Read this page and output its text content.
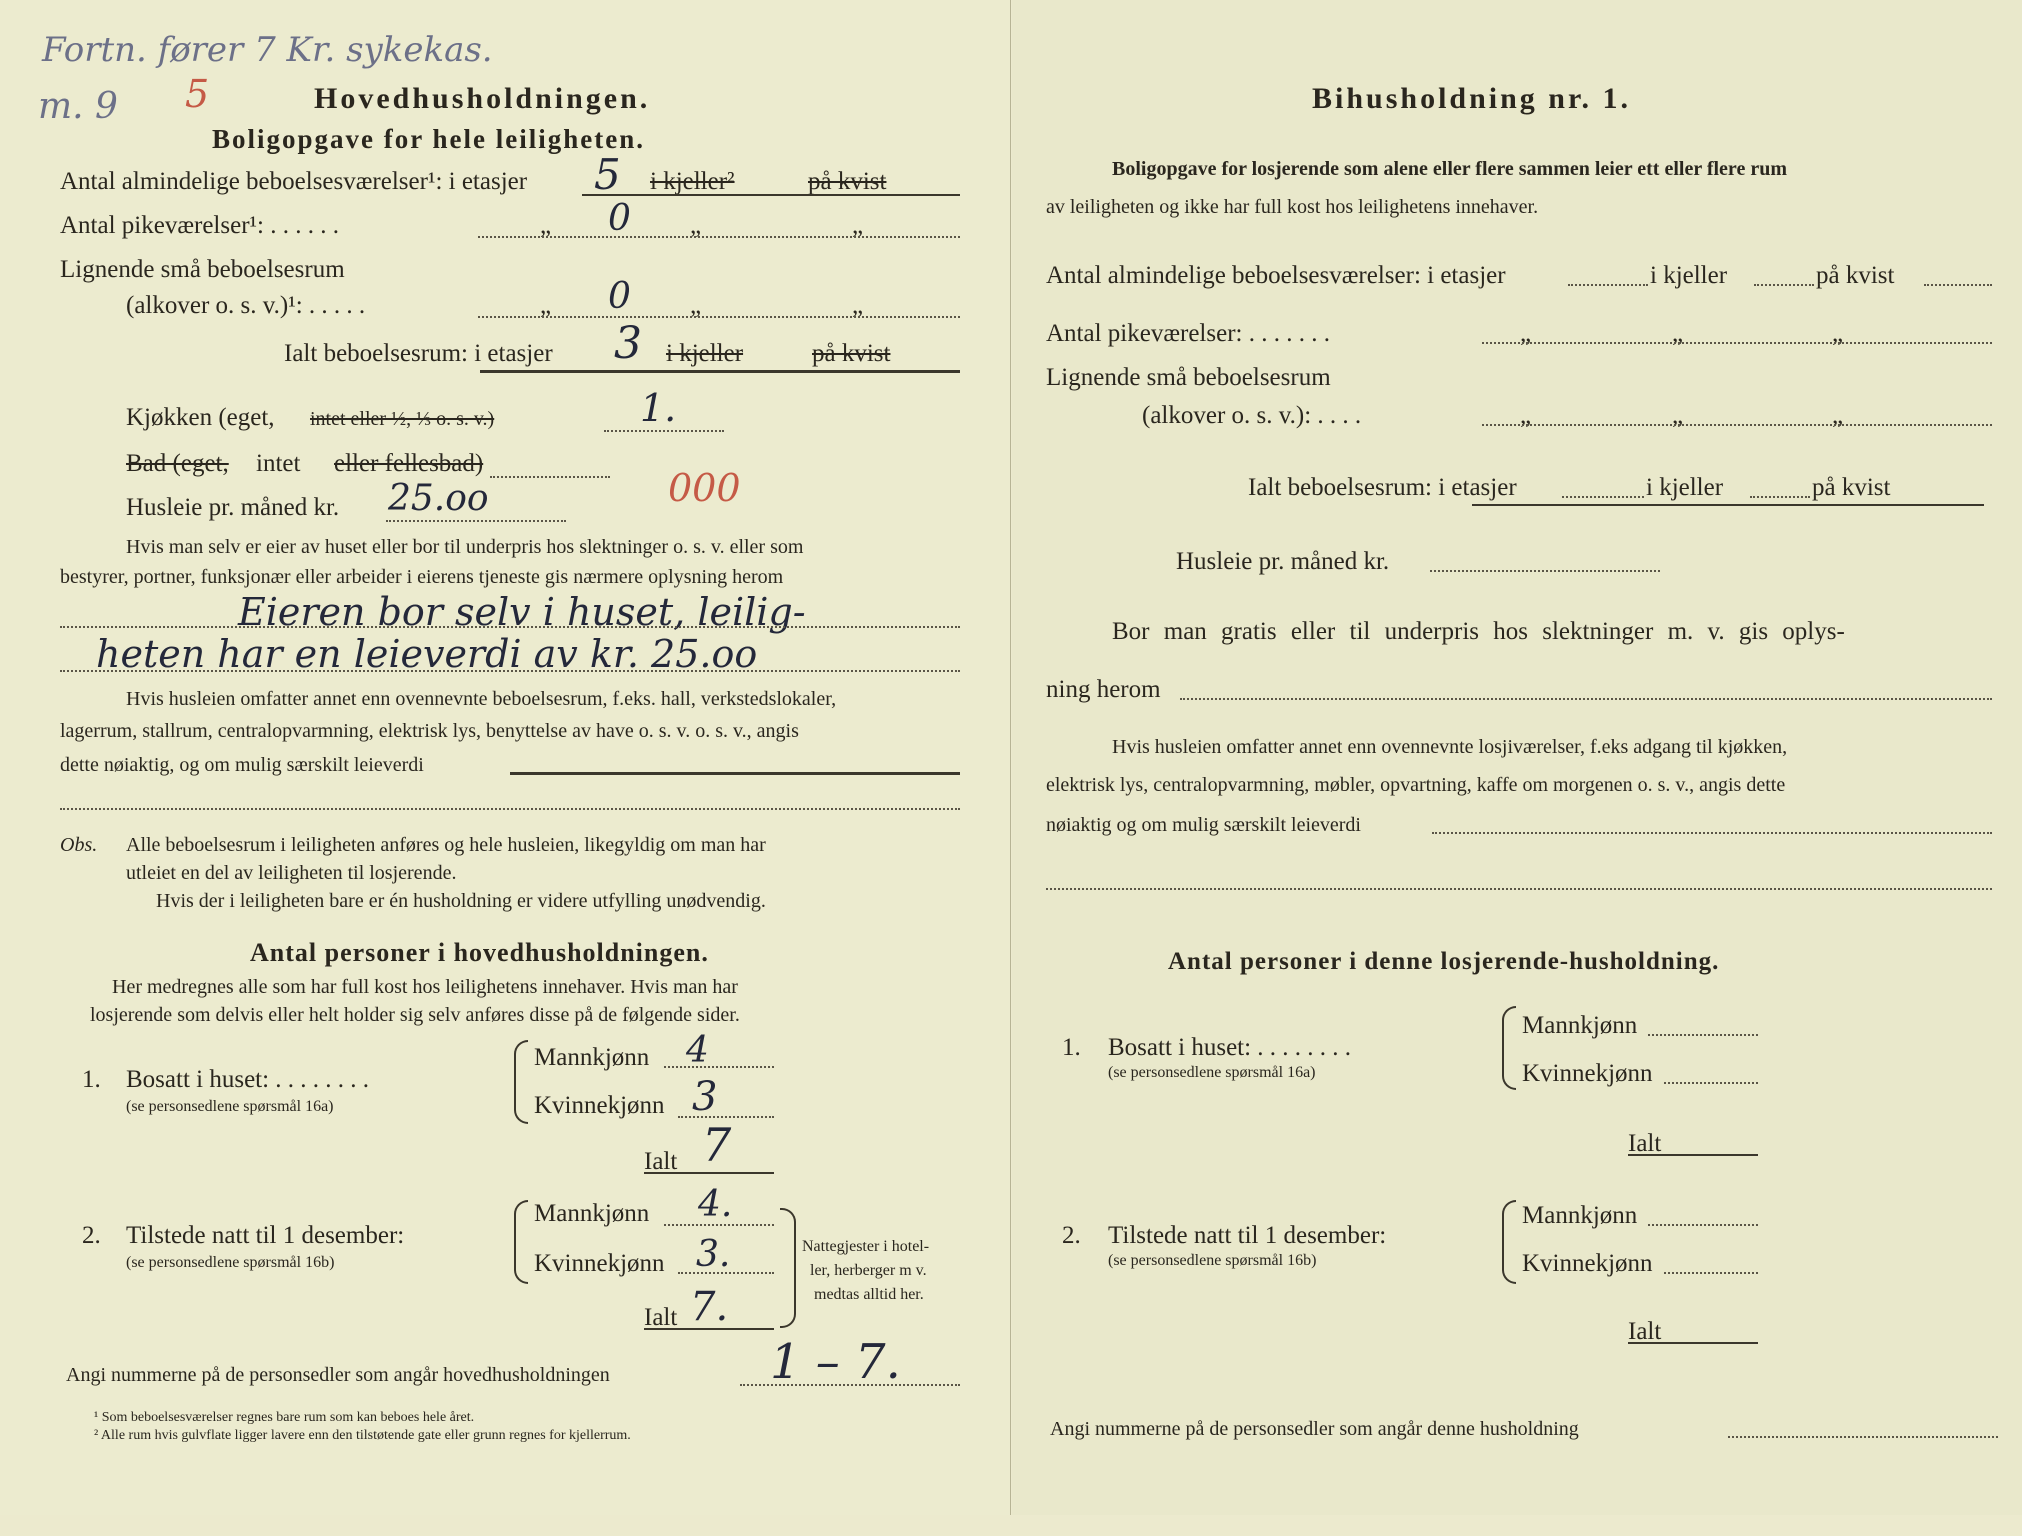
Fortn. fører 7 Kr. sykekas.
m. 9 5	Hovedhusholdningen.
Boligopgave for hele leiligheten.
Antal almindelige beboelsesværelser¹: i etasjer 5 i kjeller²	på kvist
Antal pikeværelser¹: . . . . . .	„ 0 „	„
Lignende små beboelsesrum
(alkover o. s. v.)¹: . . . . .	„ 0 „	„
Ialt beboelsesrum: i etasjer 3 i kjeller	på kvist
Kjøkken (eget, intet eller ½, ⅓ o. s. v.)	1.
Bad (eget, intet eller fellesbad)
Husleie pr. måned kr. 25.oo	000
Hvis man selv er eier av huset eller bor til underpris hos slektninger o. s. v. eller som
bestyrer, portner, funksjonær eller arbeider i eierens tjeneste gis nærmere oplysning herom
Eieren bor selv i huset, leilig-
heten har en leieverdi av kr. 25.oo
Hvis husleien omfatter annet enn ovennevnte beboelsesrum, f.eks. hall, verkstedslokaler,
lagerrum, stallrum, centralopvarmning, elektrisk lys, benyttelse av have o. s. v. o. s. v., angis
dette nøiaktig, og om mulig særskilt leieverdi
Obs. Alle beboelsesrum i leiligheten anføres og hele husleien, likegyldig om man har
utleiet en del av leiligheten til losjerende.
Hvis der i leiligheten bare er én husholdning er videre utfylling unødvendig.
Antal personer i hovedhusholdningen.
Her medregnes alle som har full kost hos leilighetens innehaver. Hvis man har
losjerende som delvis eller helt holder sig selv anføres disse på de følgende sider.
1. Bosatt i huset: . . . . . . . .
(se personsedlene spørsmål 16a)
Mannkjønn 4
Kvinnekjønn 3
Ialt 7
2. Tilstede natt til 1 desember:
(se personsedlene spørsmål 16b)
Mannkjønn 4.
Kvinnekjønn 3.
Ialt 7.
Nattegjester i hotel-
ler, herberger m v.
medtas alltid her.
Angi nummerne på de personsedler som angår hovedhusholdningen	1 – 7.
¹ Som beboelsesværelser regnes bare rum som kan beboes hele året.
² Alle rum hvis gulvflate ligger lavere enn den tilstøtende gate eller grunn regnes for kjellerrum.
Bihusholdning nr. 1.
Boligopgave for losjerende som alene eller flere sammen leier ett eller flere rum
av leiligheten og ikke har full kost hos leilighetens innehaver.
Antal almindelige beboelsesværelser: i etasjer	i kjeller	på kvist
Antal pikeværelser: . . . . . . .	„	„	„
Lignende små beboelsesrum
(alkover o. s. v.): . . . .	„	„	„
Ialt beboelsesrum: i etasjer	i kjeller	på kvist
Husleie pr. måned kr.
Bor man gratis eller til underpris hos slektninger m. v. gis oplys-
ning herom
Hvis husleien omfatter annet enn ovennevnte losjiværelser, f.eks adgang til kjøkken,
elektrisk lys, centralopvarmning, møbler, opvartning, kaffe om morgenen o. s. v., angis dette
nøiaktig og om mulig særskilt leieverdi
Antal personer i denne losjerende-husholdning.
1. Bosatt i huset: . . . . . . . .
(se personsedlene spørsmål 16a)
Mannkjønn
Kvinnekjønn
Ialt
2. Tilstede natt til 1 desember:
(se personsedlene spørsmål 16b)
Mannkjønn
Kvinnekjønn
Ialt
Angi nummerne på de personsedler som angår denne husholdning
